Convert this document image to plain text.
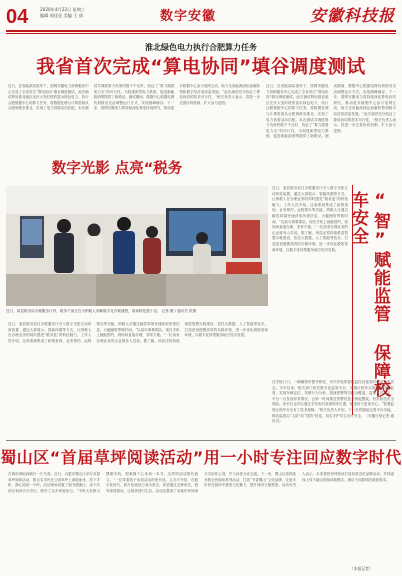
04	2020年4月22日 星期三
编辑 周佳佳 美编 王 倩	数字安徽	安徽科技报
淮北绿色电力执行合肥算力任务
我省首次完成“算电协同”填谷调度测试
近日，在省能源局指导下，国网安徽电力营销服务中心完成了全省首次“算电协同”填谷调度测试。此次测试利用淮北地区光伏大发时段的富余绿色电力，执行合肥数据中心的算力任务，将数据处理与计算资源从合肥调度至淮北，实现了电力供需双向匹配。本次测试共调度算力负荷约数千千瓦时，验证了“算力跟着电力走”的可行性，为构建新型电力系统、促进新能源消纳提供了新路径。测试期间，数据中心根据电网负荷情况灵活调整运行方式，实现削峰填谷。下一步，国网安徽电力将持续深化算电协同研究，推动更多数据中心参与电网互动，助力全省能源绿色低碳转型和数字经济高质量发展。“此次测试充分验证了算电协同的技术可行性，”相关负责人表示，将进一步完善协同机制，扩大参与范围。
近日，在省能源局指导下，国网安徽电力营销服务中心完成了全省首次“算电协同”填谷调度测试。此次测试利用淮北地区光伏大发时段的富余绿色电力，执行合肥数据中心的算力任务，将数据处理与计算资源从合肥调度至淮北，实现了电力供需双向匹配。本次测试共调度算力负荷约数千千瓦时，验证了“算力跟着电力走”的可行性，为构建新型电力系统、促进新能源消纳提供了新路径。测试期间，数据中心根据电网负荷情况灵活调整运行方式，实现削峰填谷。下一步，国网安徽电力将持续深化算电协同研究，推动更多数据中心参与电网互动，助力全省能源绿色低碳转型和数字经济高质量发展。“此次测试充分验证了算电协同的技术可行性，”相关负责人表示，将进一步完善协同机制，扩大参与范围。
数字光影 点亮“税务
近日，某县税务局办税服务厅内，税务干部正在为纳税人讲解数字化办税流程，现场科技感十足。 记者 摄 / 通讯员 供图
近日，某县税务局在办税服务厅引入数字光影互动体验装置，通过大屏展示、智能终端等方式，让纳税人在办理业务的同时感受“税务蓝”的科技魅力。工作人员介绍，这套系统集成了政策查询、业务预约、远程帮办等功能，纳税人可通过触控屏幕快速获取所需信息，大幅缩短等候时间。“以前办事要排队，现在手机上就能预约，到现场直接办理，非常方便。”一位前来办理业务的企业财务人员说。据了解，该局还将持续推进智慧办税建设，依托大数据、人工智能等技术，打造更加便捷高效的办税环境，进一步优化税收营商环境，以数字化转型服务地方经济发展。
近日，某县税务局在办税服务厅引入数字光影互动体验装置，通过大屏展示、智能终端等方式，让纳税人在办理业务的同时感受“税务蓝”的科技魅力。工作人员介绍，这套系统集成了政策查询、业务预约、远程帮办等功能，纳税人可通过触控屏幕快速获取所需信息，大幅缩短等候时间。“以前办事要排队，现在手机上就能预约，到现场直接办理，非常方便。”一位前来办理业务的企业财务人员说。据了解，该局还将持续推进智慧办税建设，依托大数据、人工智能等技术，打造更加便捷高效的办税环境，进一步优化税收营商环境，以数字化转型服务地方经济发展。	“智”赋能监管 保障校车安全
在学校门口，一辆辆校车整齐停放，车内安装的智能监控设备实时记录行车状态。今年以来，相关部门依托数字化监管平台，对辖区校车实施全程动态监管，实现车辆定位、驾驶行为分析、超速预警等功能全覆盖。监管人员表示，平台一旦发现异常情况，会第一时间推送预警信息并督促整改，有效防范安全风险。家长们也可以通过手机实时查看校车位置，接送孩子更加安心。“智慧监管让校车安全有了技术保障。”相关负责人介绍，下一步将继续完善平台功能，推动监管由“人防”向“技防”转变，切实守护学生出行安全。（安徽日报记者 通讯员）
蜀山区“首届草坪阅读活动”用一小时专注回应数字时代
在城市绿地间铺开一片书香。近日，合肥市蜀山区举办首届草坪阅读活动，数百名市民在公园草坪上席地而坐，放下手机，静心阅读一小时。活动现场设置了图书漂流区、亲子共读区和读书分享区，吸引了众多家庭参与。“平时大家都习惯刷手机，很难静下心来读一本书，这样的活动很有意义。”一位带着孩子参加活动的家长说。主办方介绍，在数字化时代，碎片化阅读已成为常态，希望通过这种形式，倡导深度阅读，让阅读回归生活。活动还邀请了本地作家现场分享创作心得，并与读者互动交流。下一步，蜀山区将持续开展全民阅读系列活动，打造“书香蜀山”文化品牌，让更多市民在阅读中感受文化魅力，提升城市文明程度。活动负责人表示，未来将把草坪阅读打造成常态化品牌活动，并探索线上线下融合的阅读新模式，满足不同群体的阅读需求。
（本报记者）
